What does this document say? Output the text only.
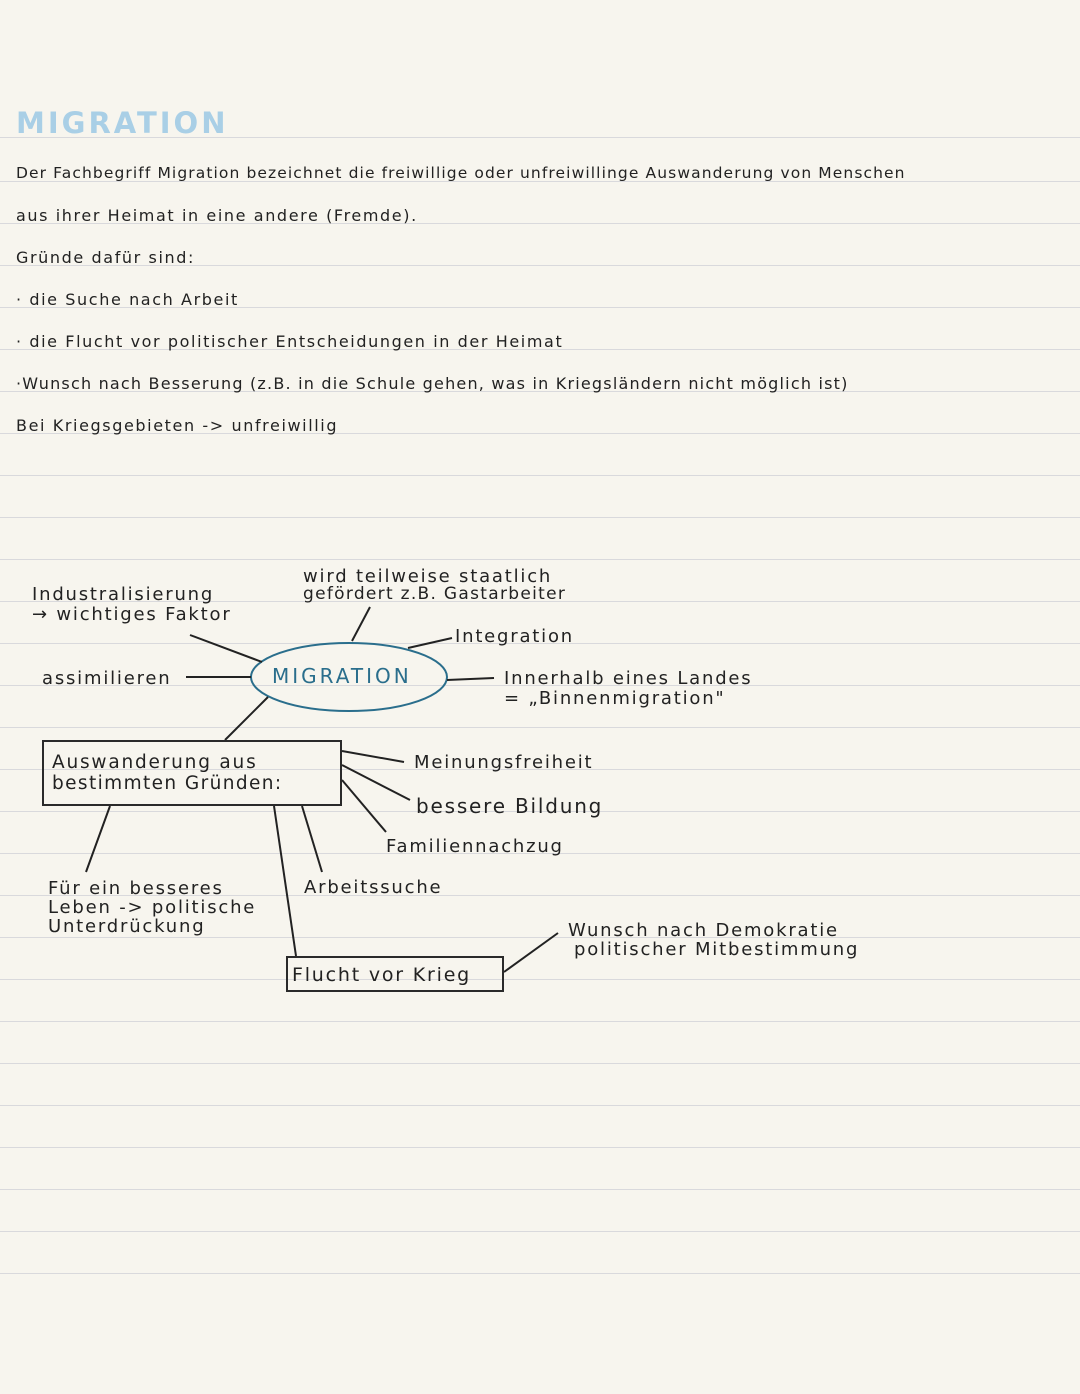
MIGRATION
Der Fachbegriff Migration bezeichnet die freiwillige oder unfreiwillinge Auswanderung von Menschen
aus ihrer Heimat in eine andere (Fremde).
Gründe dafür sind:
· die Suche nach Arbeit
· die Flucht vor politischer Entscheidungen in der Heimat
·Wunsch nach Besserung (z.B. in die Schule gehen, was in Kriegsländern nicht möglich ist)
Bei Kriegsgebieten -> unfreiwillig
MIGRATION
Industralisierung
→ wichtiges Faktor
wird teilweise staatlich
gefördert z.B. Gastarbeiter
Integration
assimilieren	Innerhalb eines Landes
= „Binnenmigration"
Auswanderung aus
bestimmten Gründen:
Meinungsfreiheit
bessere Bildung
Familiennachzug
Arbeitssuche
Für ein besseres
Leben -> politische
Unterdrückung
Flucht vor Krieg
Wunsch nach Demokratie
politischer Mitbestimmung
